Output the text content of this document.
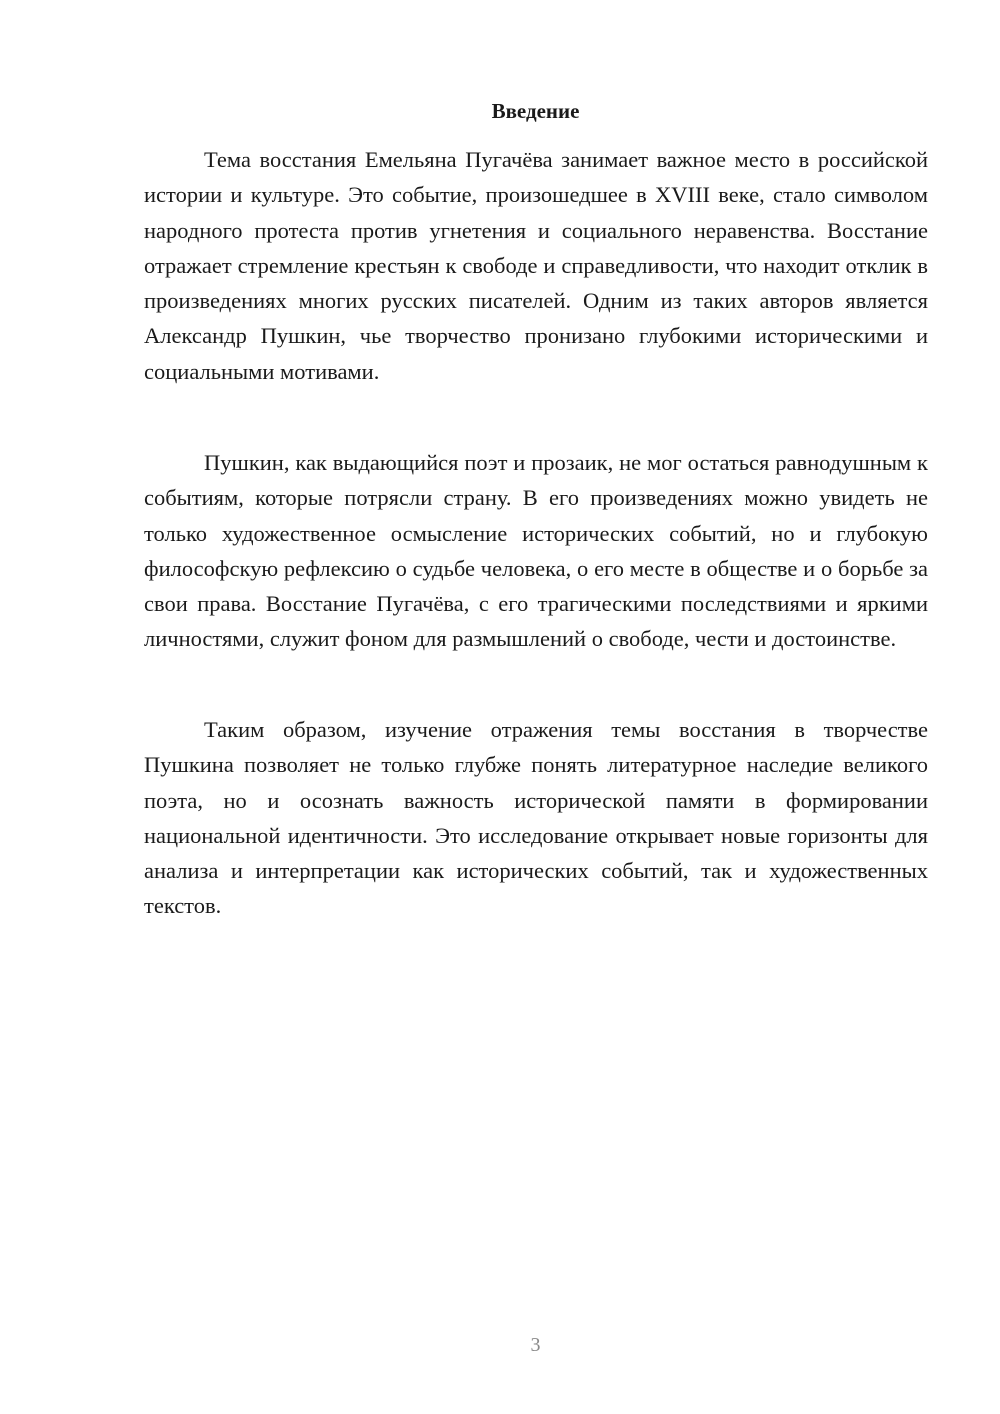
Введение

Тема восстания Емельяна Пугачёва занимает важное место в российской истории и культуре. Это событие, произошедшее в XVIII веке, стало символом народного протеста против угнетения и социального неравенства. Восстание отражает стремление крестьян к свободе и справедливости, что находит отклик в произведениях многих русских писателей. Одним из таких авторов является Александр Пушкин, чье творчество пронизано глубокими историческими и социальными мотивами.

Пушкин, как выдающийся поэт и прозаик, не мог остаться равнодушным к событиям, которые потрясли страну. В его произведениях можно увидеть не только художественное осмысление исторических событий, но и глубокую философскую рефлексию о судьбе человека, о его месте в обществе и о борьбе за свои права. Восстание Пугачёва, с его трагическими последствиями и яркими личностями, служит фоном для размышлений о свободе, чести и достоинстве.

Таким образом, изучение отражения темы восстания в творчестве Пушкина позволяет не только глубже понять литературное наследие великого поэта, но и осознать важность исторической памяти в формировании национальной идентичности. Это исследование открывает новые горизонты для анализа и интерпретации как исторических событий, так и художественных текстов.

3
